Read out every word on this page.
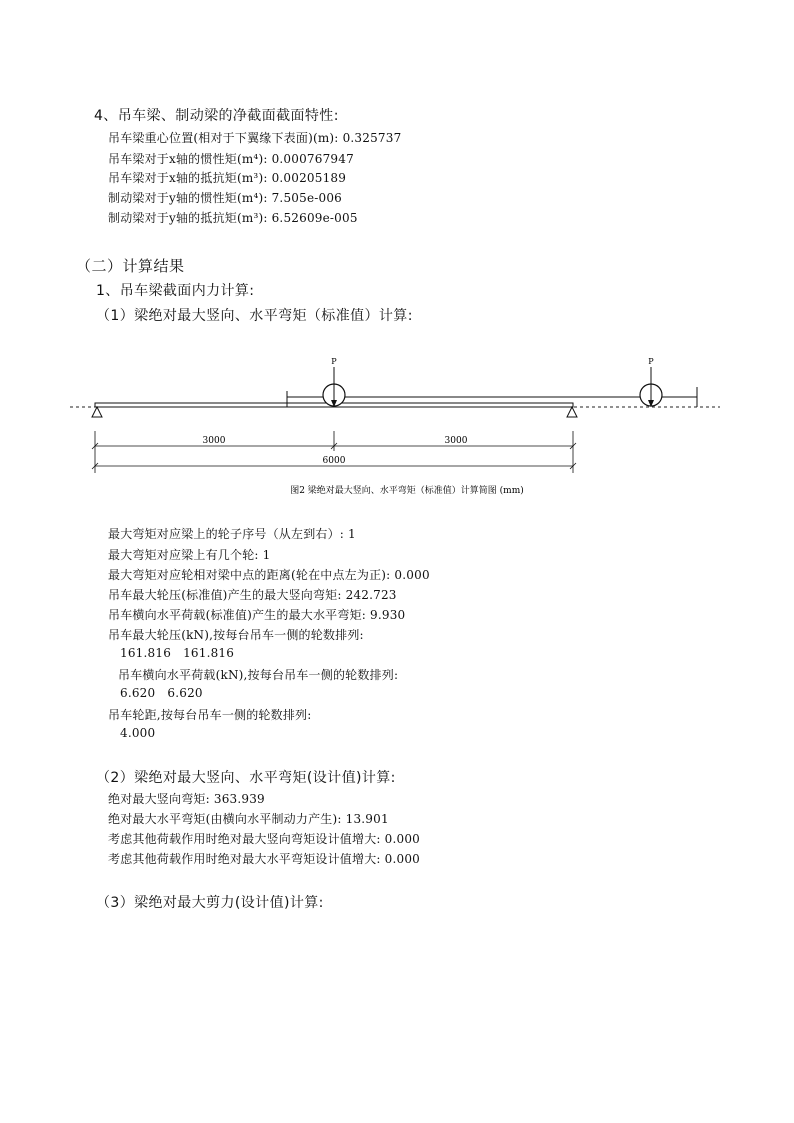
4、吊车梁、制动梁的净截面截面特性:
吊车梁重心位置(相对于下翼缘下表面)(m): 0.325737
吊车梁对于x轴的惯性矩(m⁴): 0.000767947
吊车梁对于x轴的抵抗矩(m³): 0.00205189
制动梁对于y轴的惯性矩(m⁴): 7.505e-006
制动梁对于y轴的抵抗矩(m³): 6.52609e-005
（二）计算结果
1、吊车梁截面内力计算:
（1）梁绝对最大竖向、水平弯矩（标准值）计算:
P	P
3000	3000
6000
图2 梁绝对最大竖向、水平弯矩（标准值）计算简图 (mm)
最大弯矩对应梁上的轮子序号（从左到右）: 1
最大弯矩对应梁上有几个轮: 1
最大弯矩对应轮相对梁中点的距离(轮在中点左为正): 0.000
吊车最大轮压(标准值)产生的最大竖向弯矩: 242.723
吊车横向水平荷载(标准值)产生的最大水平弯矩: 9.930
吊车最大轮压(kN),按每台吊车一侧的轮数排列:
161.816   161.816
吊车横向水平荷载(kN),按每台吊车一侧的轮数排列:
6.620   6.620
吊车轮距,按每台吊车一侧的轮数排列:
4.000
（2）梁绝对最大竖向、水平弯矩(设计值)计算:
绝对最大竖向弯矩: 363.939
绝对最大水平弯矩(由横向水平制动力产生): 13.901
考虑其他荷载作用时绝对最大竖向弯矩设计值增大: 0.000
考虑其他荷载作用时绝对最大水平弯矩设计值增大: 0.000
（3）梁绝对最大剪力(设计值)计算:
